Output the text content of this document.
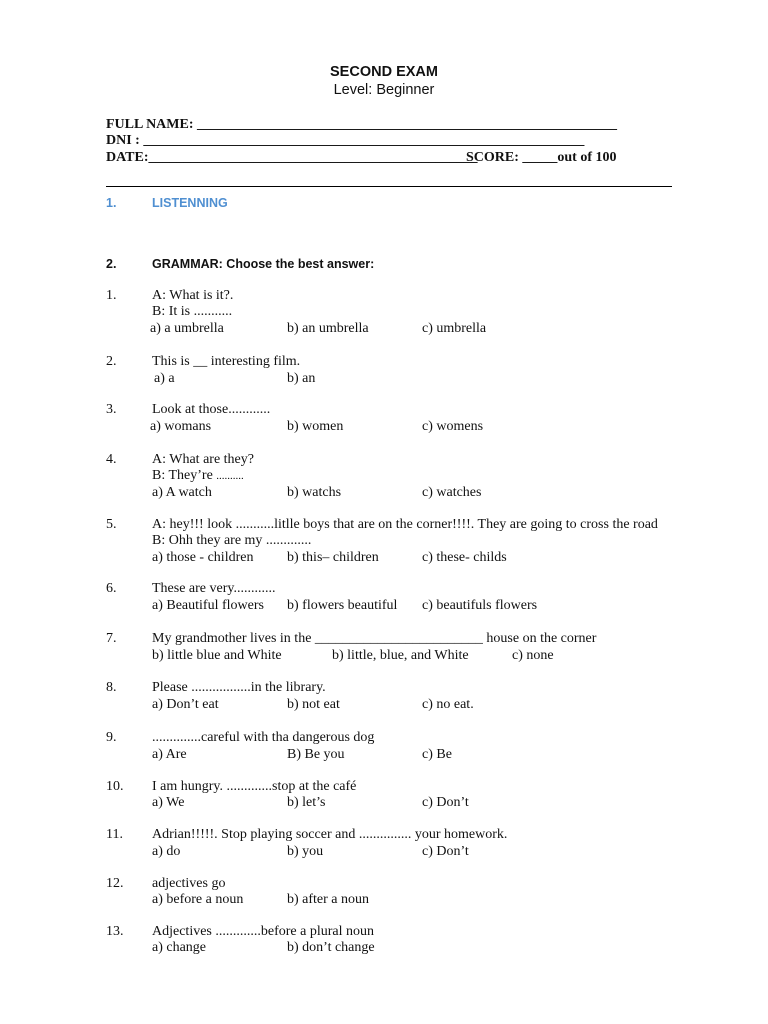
SECOND EXAM
Level: Beginner
FULL NAME: ____________________________________________________________
DNI : _______________________________________________________________
DATE:_______________________________________________
SCORE: _____out of 100
1.	LISTENNING
2.	GRAMMAR: Choose the best answer:
1.	A: What is it?.
B: It is ...........
a) a umbrella	b) an umbrella	c) umbrella
2.	This is __ interesting film.
a) a	b) an
3.	Look at those............
a) womans	b) women	c) womens
4.	A: What are they?
B: They’re ..........
a) A watch	b) watchs	c) watches
5.	A: hey!!! look ...........litlle boys that are on the corner!!!!. They are going to cross the road
B: Ohh they are my .............
a) those - children b) this– children	c) these- childs
6.	These are very............
a) Beautiful flowers b) flowers beautiful c) beautifuls flowers
7.	My grandmother lives in the ________________________ house on the corner
b) little blue and White	b) little, blue, and White	c) none
8.	Please .................in the library.
a) Don’t eat	b) not eat	c) no eat.
9.	..............careful with tha dangerous dog
a) Are	B) Be you	c) Be
10. I am hungry. .............stop at the café
a) We	b) let’s	c) Don’t
11. Adrian!!!!!. Stop playing soccer and ............... your homework.
a) do	b) you	c) Don’t
12. adjectives go
a) before a noun	b) after a noun
13. Adjectives .............before a plural noun
a) change	b) don’t change
